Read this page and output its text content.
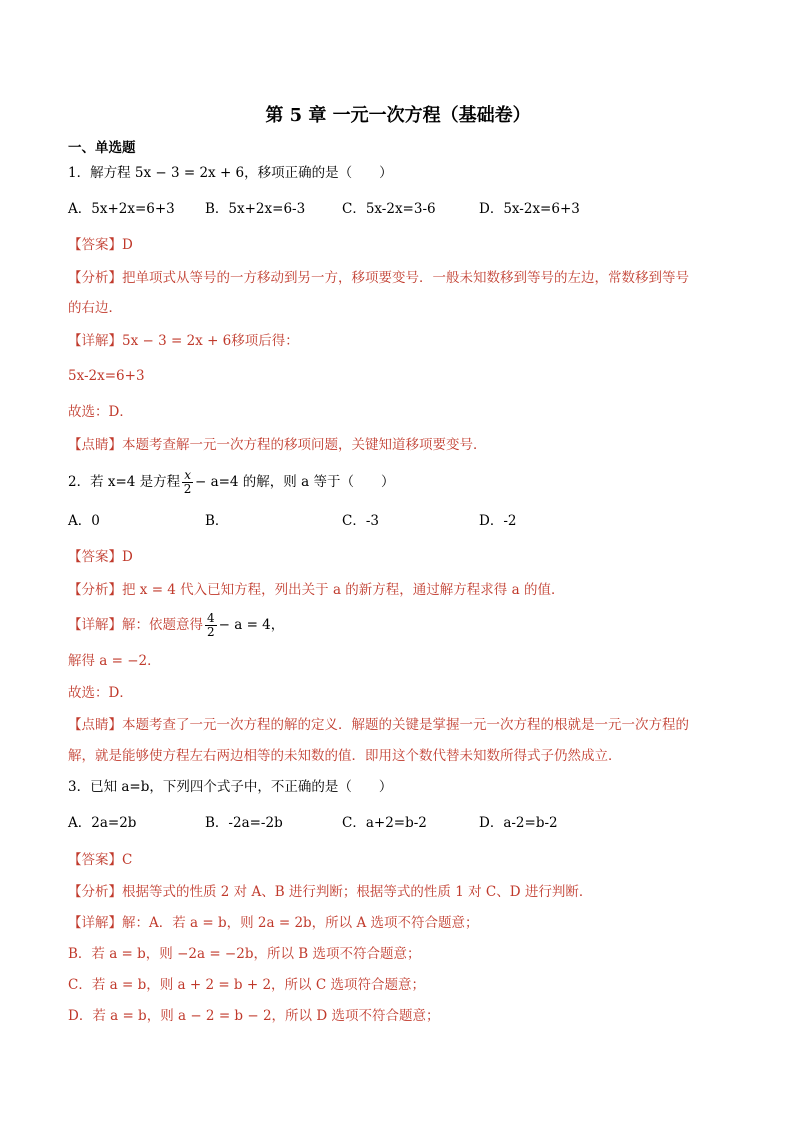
第 5 章 一元一次方程（基础卷）
一、单选题
1．解方程 5x − 3 = 2x + 6，移项正确的是（　　）
A．5x+2x=6+3 B．5x+2x=6-3	C．5x-2x=3-6	D．5x-2x=6+3
【答案】D
【分析】把单项式从等号的一方移动到另一方，移项要变号．一般未知数移到等号的左边，常数移到等号
的右边．
【详解】5x − 3 = 2x + 6移项后得：
5x-2x=6+3
故选：D．
【点睛】本题考查解一元一次方程的移项问题，关键知道移项要变号．
2．若 x=4 是方程 $\frac{x}{2} - a=4$ 的解，则 a 等于（　　）
A．0	B．	C．-3	D．-2
【答案】D
【分析】把 x = 4 代入已知方程，列出关于 a 的新方程，通过解方程求得 a 的值．
【详解】解：依题意得 $\frac{4}{2} - a = 4$，
解得 a = −2．
故选：D．
【点睛】本题考查了一元一次方程的解的定义．解题的关键是掌握一元一次方程的根就是一元一次方程的
解，就是能够使方程左右两边相等的未知数的值．即用这个数代替未知数所得式子仍然成立．
3．已知 a=b，下列四个式子中，不正确的是（　　）
A．2a=2b	B．-2a=-2b	C．a+2=b-2	D．a-2=b-2
【答案】C
【分析】根据等式的性质 2 对 A、B 进行判断；根据等式的性质 1 对 C、D 进行判断．
【详解】解：A．若 a = b，则 2a = 2b，所以 A 选项不符合题意；
B．若 a = b，则 −2a = −2b，所以 B 选项不符合题意；
C．若 a = b，则 a + 2 = b + 2，所以 C 选项符合题意；
D．若 a = b，则 a − 2 = b − 2，所以 D 选项不符合题意；
